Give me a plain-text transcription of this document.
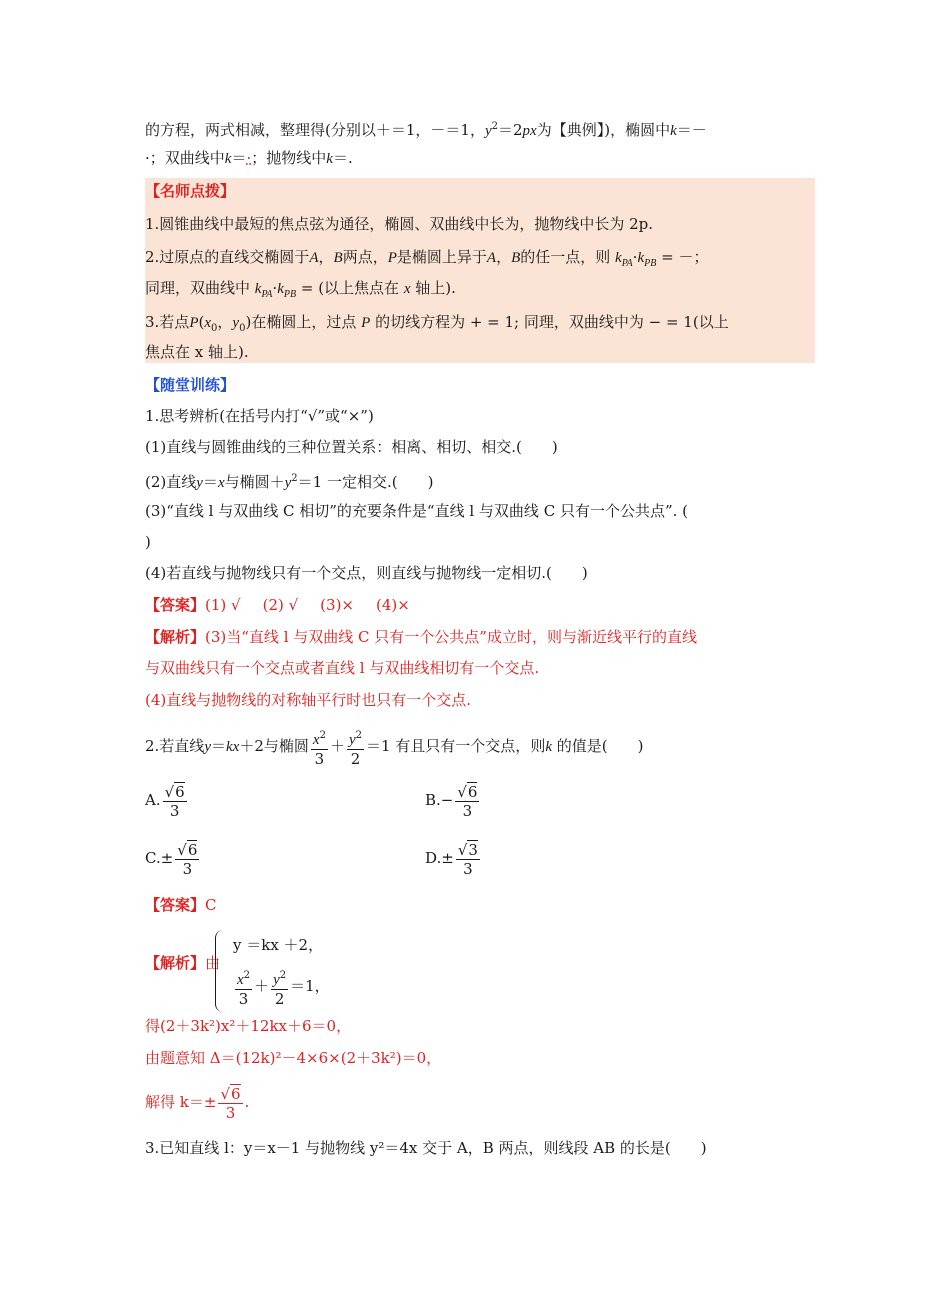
的方程，两式相减，整理得(分别以＋＝1，－＝1，$y^2=2px$为【典例】)，椭圆中k＝－
·；双曲线中k＝·；抛物线中k＝.
【名师点拨】
1.圆锥曲线中最短的焦点弦为通径，椭圆、双曲线中长为，抛物线中长为 2p.
2.过原点的直线交椭圆于A，B两点，P是椭圆上异于A，B的任一点，则 $k_{PA}\cdot k_{PB}$ = －；
同理，双曲线中 $k_{PA}\cdot k_{PB}$ = (以上焦点在 x 轴上).
3.若点$P(x_0$，$y_0$)在椭圆上，过点 P 的切线方程为 + = 1; 同理，双曲线中为 − = 1(以上
焦点在 x 轴上).
【随堂训练】
1.思考辨析(在括号内打“√”或“×”)
(1)直线与圆锥曲线的三种位置关系：相离、相切、相交.(　　)
(2)直线y＝x与椭圆$+y^2=1$ 一定相交.(　　)
(3)“直线 l 与双曲线 C 相切”的充要条件是“直线 l 与双曲线 C 只有一个公共点”. (
)
(4)若直线与抛物线只有一个交点，则直线与抛物线一定相切.(　　)
【答案】(1) √ (2) √ (3)× (4)×
【解析】(3)当“直线 l 与双曲线 C 只有一个公共点”成立时，则与渐近线平行的直线
与双曲线只有一个交点或者直线 l 与双曲线相切有一个交点.
(4)直线与抛物线的对称轴平行时也只有一个交点.
2.若直线y＝kx＋2与椭圆 $\frac{x^2}{3} + \frac{y^2}{2} =1$ 有且只有一个交点，则k 的值是(　　)
A. $\frac{√6}{3}$	$B.- \frac{√6}{3}$
$C.\pm \frac{√6}{3}$	$D.\pm \frac{√3}{3}$
【答案】C
【解析】由
y ＝kx ＋2，
$\frac{x^2}{3} + \frac{y^2}{2} =1$，
得(2＋3k²)x²＋12kx＋6＝0，
由题意知 Δ＝(12k)²－4×6×(2＋3k²)＝0，
解得 $k=\pm \frac{√6}{3}$ .
3.已知直线 l：y＝x－1 与抛物线 y²＝4x 交于 A，B 两点，则线段 AB 的长是(　　)
